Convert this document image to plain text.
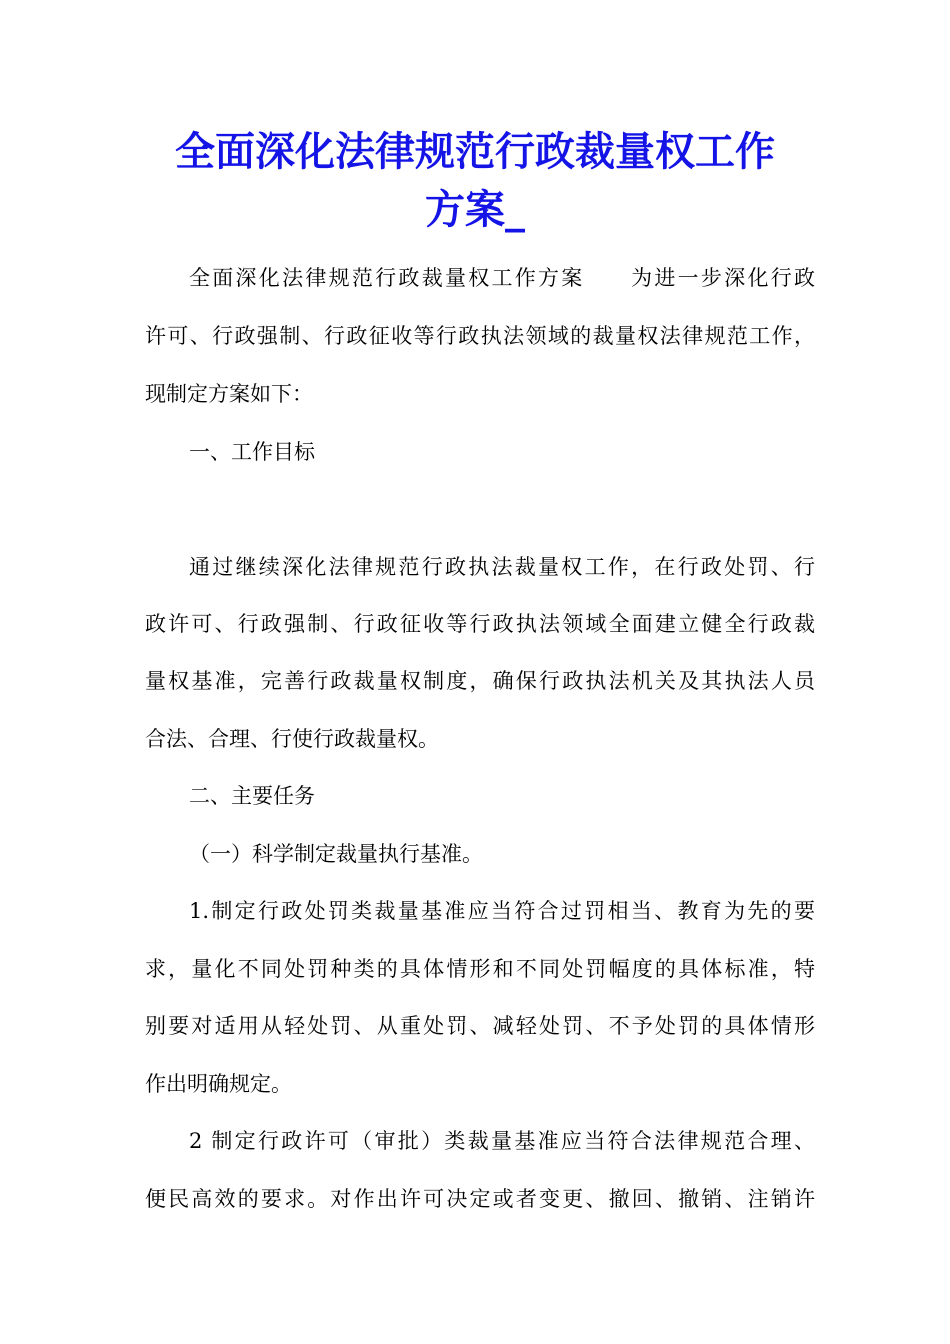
全面深化法律规范行政裁量权工作
方案_

全面深化法律规范行政裁量权工作方案　　为进一步深化行政

许可、行政强制、行政征收等行政执法领域的裁量权法律规范工作，

现制定方案如下：

一、工作目标

通过继续深化法律规范行政执法裁量权工作，在行政处罚、行

政许可、行政强制、行政征收等行政执法领域全面建立健全行政裁

量权基准，完善行政裁量权制度，确保行政执法机关及其执法人员

合法、合理、行使行政裁量权。

二、主要任务

（一）科学制定裁量执行基准。

1.制定行政处罚类裁量基准应当符合过罚相当、教育为先的要

求，量化不同处罚种类的具体情形和不同处罚幅度的具体标准，特

别要对适用从轻处罚、从重处罚、减轻处罚、不予处罚的具体情形

作出明确规定。

2 制定行政许可（审批）类裁量基准应当符合法律规范合理、

便民高效的要求。对作出许可决定或者变更、撤回、撤销、注销许
